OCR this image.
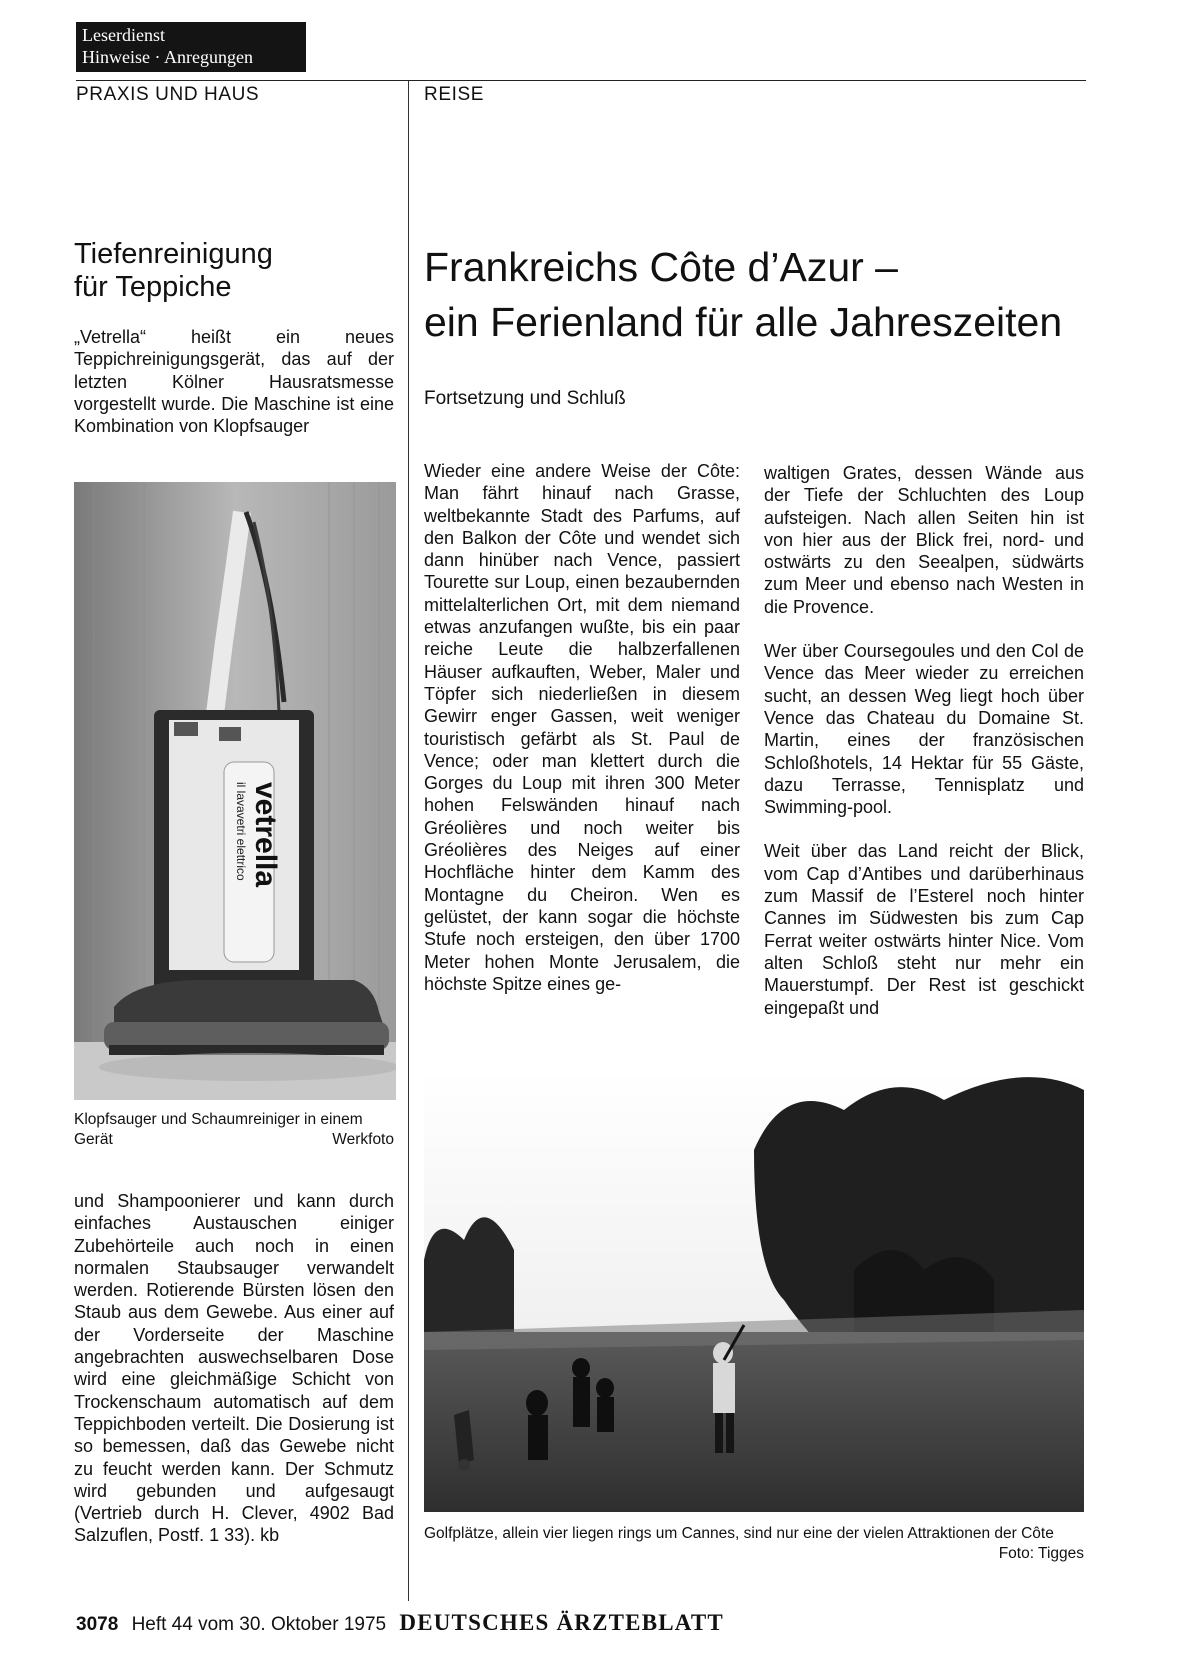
Leserdienst
Hinweise · Anregungen
PRAXIS UND HAUS	REISE
Tiefenreinigung
für Teppiche

„Vetrella“ heißt ein neues Teppichreinigungsgerät, das auf der letzten Kölner Hausratsmesse vorgestellt wurde. Die Maschine ist eine Kombination von Klopfsauger

vetrella
il lavavetri elettrico
Klopfsauger und Schaumreiniger in einem Gerät	Werkfoto

und Shampoonierer und kann durch einfaches Austauschen einiger Zubehörteile auch noch in einen normalen Staubsauger verwandelt werden. Rotierende Bürsten lösen den Staub aus dem Gewebe. Aus einer auf der Vorderseite der Maschine angebrachten auswechselbaren Dose wird eine gleichmäßige Schicht von Trockenschaum automatisch auf dem Teppichboden verteilt. Die Dosierung ist so bemessen, daß das Gewebe nicht zu feucht werden kann. Der Schmutz wird gebunden und aufgesaugt (Vertrieb durch H. Clever, 4902 Bad Salzuflen, Postf. 1 33). kb

Frankreichs Côte d’Azur –
ein Ferienland für alle Jahreszeiten
Fortsetzung und Schluß

Wieder eine andere Weise der Côte: Man fährt hinauf nach Grasse, weltbekannte Stadt des Parfums, auf den Balkon der Côte und wendet sich dann hinüber nach Vence, passiert Tourette sur Loup, einen bezaubernden mittelalterlichen Ort, mit dem niemand etwas anzufangen wußte, bis ein paar reiche Leute die halbzerfallenen Häuser aufkauften, Weber, Maler und Töpfer sich niederließen in diesem Gewirr enger Gassen, weit weniger touristisch gefärbt als St. Paul de Vence; oder man klettert durch die Gorges du Loup mit ihren 300 Meter hohen Felswänden hinauf nach Gréolières und noch weiter bis Gréolières des Neiges auf einer Hochfläche hinter dem Kamm des Montagne du Cheiron. Wen es gelüstet, der kann sogar die höchste Stufe noch ersteigen, den über 1700 Meter hohen Monte Jerusalem, die höchste Spitze eines ge-

waltigen Grates, dessen Wände aus der Tiefe der Schluchten des Loup aufsteigen. Nach allen Seiten hin ist von hier aus der Blick frei, nord- und ostwärts zu den Seealpen, südwärts zum Meer und ebenso nach Westen in die Provence.

Wer über Coursegoules und den Col de Vence das Meer wieder zu erreichen sucht, an dessen Weg liegt hoch über Vence das Chateau du Domaine St. Martin, eines der französischen Schloßhotels, 14 Hektar für 55 Gäste, dazu Terrasse, Tennisplatz und Swimming-pool.

Weit über das Land reicht der Blick, vom Cap d’Antibes und darüberhinaus zum Massif de l’Esterel noch hinter Cannes im Südwesten bis zum Cap Ferrat weiter ostwärts hinter Nice. Vom alten Schloß steht nur mehr ein Mauerstumpf. Der Rest ist geschickt eingepaßt und

Golfplätze, allein vier liegen rings um Cannes, sind nur eine der vielen Attraktionen der Côte
Foto: Tigges
3078 Heft 44 vom 30. Oktober 1975 DEUTSCHES ÄRZTEBLATT
